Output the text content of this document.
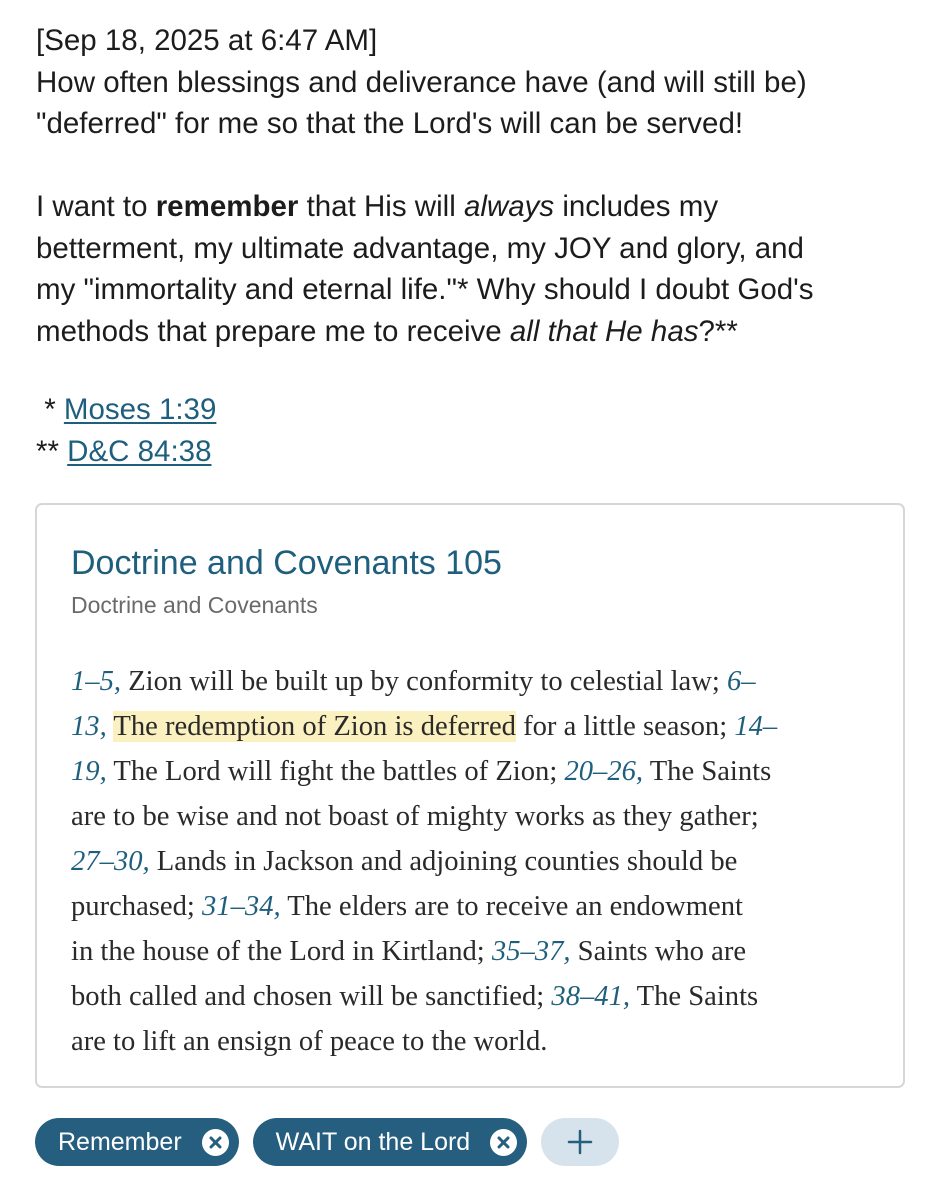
[Sep 18, 2025 at 6:47 AM]

How often blessings and deliverance have (and will still be)
"deferred" for me so that the Lord's will can be served!

I want to remember that His will always includes my
betterment, my ultimate advantage, my JOY and glory, and
my "immortality and eternal life."* Why should I doubt God's
methods that prepare me to receive all that He has?**

* Moses 1:39
** D&C 84:38
Doctrine and Covenants 105
Doctrine and Covenants
1–5, Zion will be built up by conformity to celestial law; 6–
13, The redemption of Zion is deferred for a little season; 14–
19, The Lord will fight the battles of Zion; 20–26, The Saints
are to be wise and not boast of mighty works as they gather;
27–30, Lands in Jackson and adjoining counties should be
purchased; 31–34, The elders are to receive an endowment
in the house of the Lord in Kirtland; 35–37, Saints who are
both called and chosen will be sanctified; 38–41, The Saints
are to lift an ensign of peace to the world.
Remember	WAIT on the Lord
